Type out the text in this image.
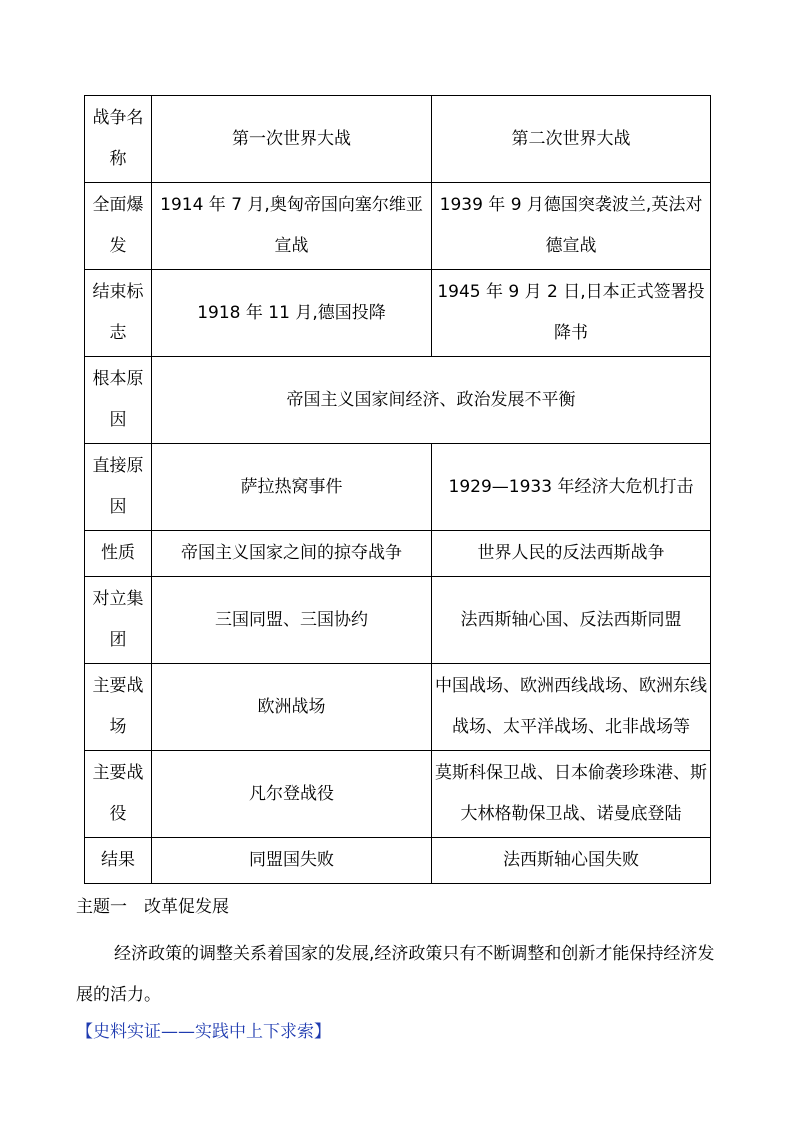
战争名称	第一次世界大战	第二次世界大战
全面爆发	1914 年 7 月,奥匈帝国向塞尔维亚宣战	1939 年 9 月德国突袭波兰,英法对德宣战
结束标志	1918 年 11 月,德国投降	1945 年 9 月 2 日,日本正式签署投降书
根本原因	帝国主义国家间经济、政治发展不平衡	
直接原因	萨拉热窝事件	1929—1933 年经济大危机打击
性质	帝国主义国家之间的掠夺战争	世界人民的反法西斯战争
对立集团	三国同盟、三国协约	法西斯轴心国、反法西斯同盟
主要战场	欧洲战场	中国战场、欧洲西线战场、欧洲东线战场、太平洋战场、北非战场等
主要战役	凡尔登战役	莫斯科保卫战、日本偷袭珍珠港、斯大林格勒保卫战、诺曼底登陆
结果	同盟国失败	法西斯轴心国失败
主题一　改革促发展
经济政策的调整关系着国家的发展,经济政策只有不断调整和创新才能保持经济发展的活力。
【史料实证——实践中上下求索】
